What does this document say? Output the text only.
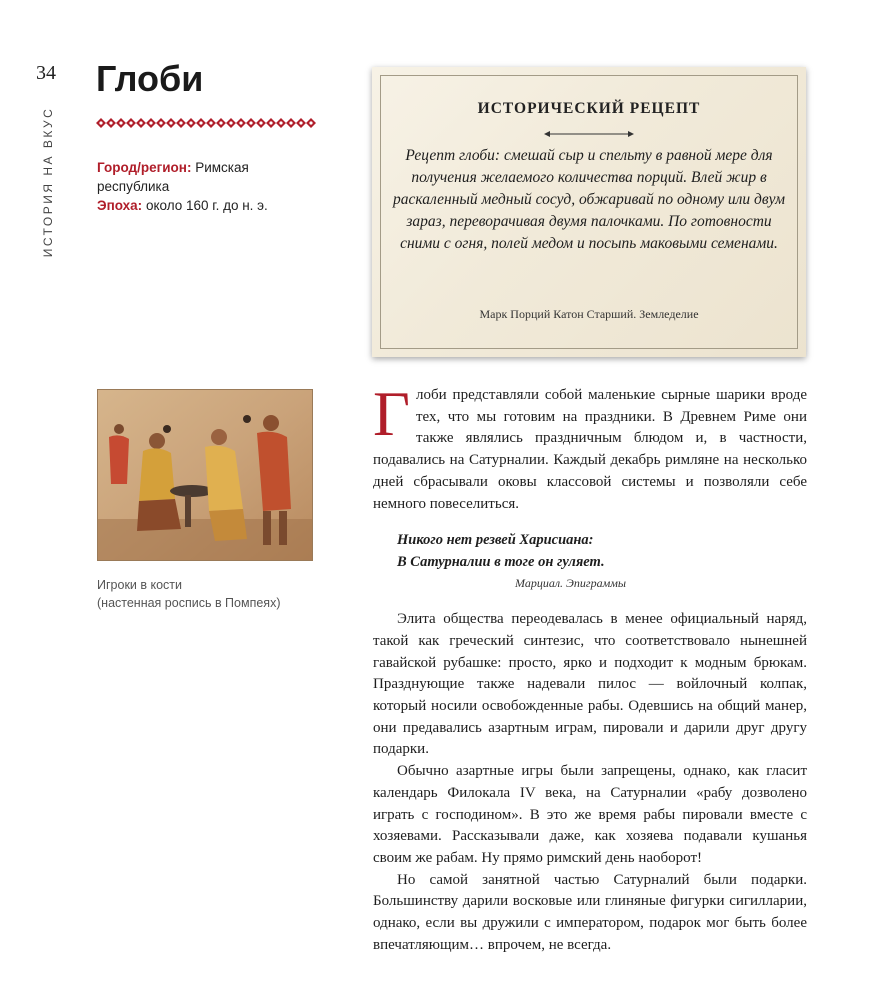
34
ИСТОРИЯ НА ВКУС
Глоби
Город/регион: Римская республика
Эпоха: около 160 г. до н. э.
ИСТОРИЧЕСКИЙ РЕЦЕПТ
Рецепт глоби: смешай сыр и спельту в равной мере для получения желаемого количества порций. Влей жир в раскаленный медный сосуд, обжаривай по одному или двум зараз, переворачивая двумя палочками. По готовности сними с огня, полей медом и посыпь маковыми семенами.
Марк Порций Катон Старший. Земледелие
Игроки в кости
(настенная роспись в Помпеях)

Глоби представляли собой маленькие сырные шарики вроде тех, что мы готовим на праздники. В Древнем Риме они также являлись праздничным блюдом и, в частности, подавались на Сатурналии. Каждый декабрь римляне на несколько дней сбрасывали оковы классовой системы и позволяли себе немного повеселиться.

Никого нет резвей Харисиана:
В Сатурналии в тоге он гуляет.
Марциал. Эпиграммы

Элита общества переодевалась в менее официальный наряд, такой как греческий синтезис, что соответствовало нынешней гавайской рубашке: просто, ярко и подходит к модным брюкам. Празднующие также надевали пилос — войлочный колпак, который носили освобожденные рабы. Одевшись на общий манер, они предавались азартным играм, пировали и дарили друг другу подарки.

Обычно азартные игры были запрещены, однако, как гласит календарь Филокала IV века, на Сатурналии «рабу дозволено играть с господином». В это же время рабы пировали вместе с хозяевами. Рассказывали даже, как хозяева подавали кушанья своим же рабам. Ну прямо римский день наоборот!

Но самой занятной частью Сатурналий были подарки. Большинству дарили восковые или глиняные фигурки сигилларии, однако, если вы дружили с императором, подарок мог быть более впечатляющим… впрочем, не всегда.
